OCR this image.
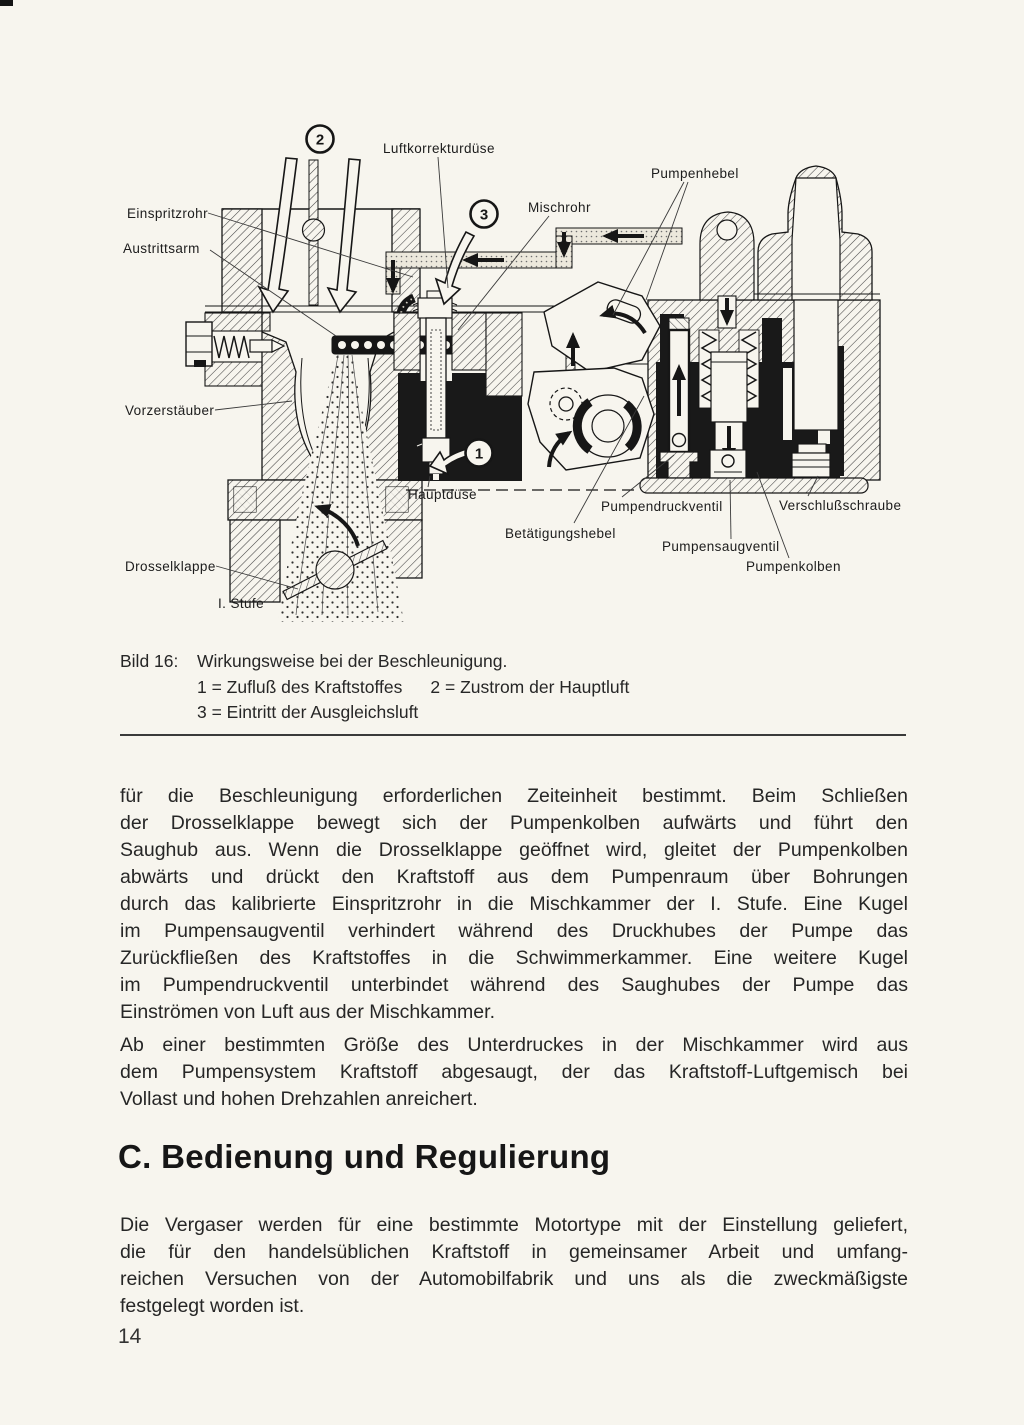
2
3
1
Luftkorrekturdüse
Pumpenhebel
Einspritzrohr	Mischrohr
Austrittsarm
Vorzerstäuber
Hauptdüse
Pumpendruckventil	Verschlußschraube
Betätigungshebel
Pumpensaugventil
Drosselklappe	Pumpenkolben
I. Stufe
Bild 16: Wirkungsweise bei der Beschleunigung.
1 = Zufluß des Kraftstoffes 2 = Zustrom der Hauptluft
3 = Eintritt der Ausgleichsluft
für die Beschleunigung erforderlichen Zeiteinheit bestimmt. Beim Schließen
der Drosselklappe bewegt sich der Pumpenkolben aufwärts und führt den
Saughub aus. Wenn die Drosselklappe geöffnet wird, gleitet der Pumpenkolben
abwärts und drückt den Kraftstoff aus dem Pumpenraum über Bohrungen
durch das kalibrierte Einspritzrohr in die Mischkammer der I. Stufe. Eine Kugel
im Pumpensaugventil verhindert während des Druckhubes der Pumpe das
Zurückfließen des Kraftstoffes in die Schwimmerkammer. Eine weitere Kugel
im Pumpendruckventil unterbindet während des Saughubes der Pumpe das
Einströmen von Luft aus der Mischkammer.
Ab einer bestimmten Größe des Unterdruckes in der Mischkammer wird aus
dem Pumpensystem Kraftstoff abgesaugt, der das Kraftstoff-Luftgemisch bei
Vollast und hohen Drehzahlen anreichert.
C. Bedienung und Regulierung
Die Vergaser werden für eine bestimmte Motortype mit der Einstellung geliefert,
die für den handelsüblichen Kraftstoff in gemeinsamer Arbeit und umfang-
reichen Versuchen von der Automobilfabrik und uns als die zweckmäßigste
festgelegt worden ist.
14
